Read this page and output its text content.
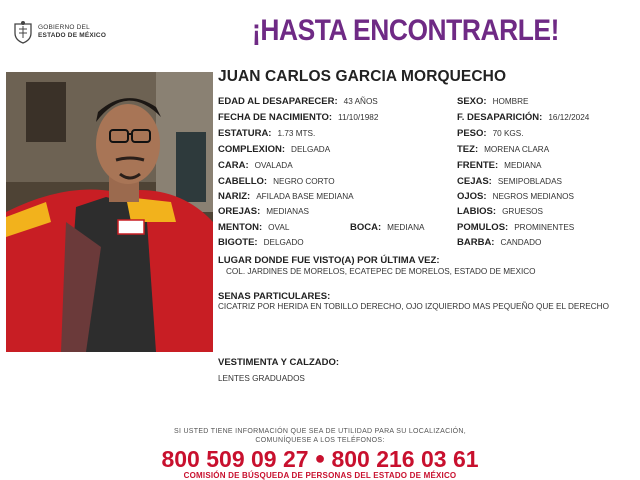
GOBIERNO DEL
ESTADO DE MÉXICO	¡HASTA ENCONTRARLE!
JUAN CARLOS GARCIA MORQUECHO
EDAD AL DESAPARECER: 43 AÑOS
FECHA DE NACIMIENTO: 11/10/1982
ESTATURA: 1.73 MTS.
COMPLEXION: DELGADA
CARA: OVALADA
CABELLO: NEGRO CORTO
NARIZ: AFILADA BASE MEDIANA
OREJAS: MEDIANAS
MENTON: OVAL	BOCA: MEDIANA
BIGOTE: DELGADO
SEXO: HOMBRE
F. DESAPARICIÓN: 16/12/2024
PESO: 70 KGS.
TEZ: MORENA CLARA
FRENTE: MEDIANA
CEJAS: SEMIPOBLADAS
OJOS: NEGROS MEDIANOS
LABIOS: GRUESOS
POMULOS: PROMINENTES
BARBA: CANDADO
LUGAR DONDE FUE VISTO(A) POR ÚLTIMA VEZ:
COL. JARDINES DE MORELOS, ECATEPEC DE MORELOS, ESTADO DE MEXICO
SENAS PARTICULARES:
CICATRIZ POR HERIDA EN TOBILLO DERECHO, OJO IZQUIERDO MAS PEQUEÑO QUE EL DERECHO
VESTIMENTA Y CALZADO:
LENTES GRADUADOS
SI USTED TIENE INFORMACIÓN QUE SEA DE UTILIDAD PARA SU LOCALIZACIÓN,
COMUNÍQUESE A LOS TELÉFONOS:
800 509 09 27 ● 800 216 03 61
COMISIÓN DE BÚSQUEDA DE PERSONAS DEL ESTADO DE MÉXICO
